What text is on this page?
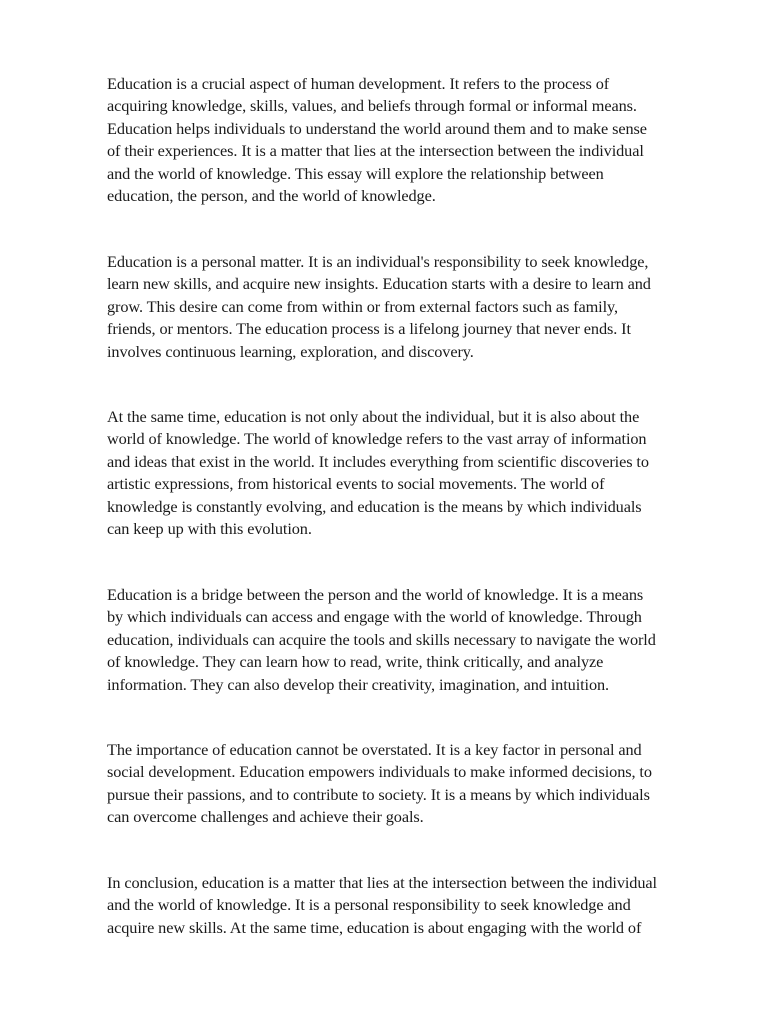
Education is a crucial aspect of human development. It refers to the process of
acquiring knowledge, skills, values, and beliefs through formal or informal means.
Education helps individuals to understand the world around them and to make sense
of their experiences. It is a matter that lies at the intersection between the individual
and the world of knowledge. This essay will explore the relationship between
education, the person, and the world of knowledge.

Education is a personal matter. It is an individual's responsibility to seek knowledge,
learn new skills, and acquire new insights. Education starts with a desire to learn and
grow. This desire can come from within or from external factors such as family,
friends, or mentors. The education process is a lifelong journey that never ends. It
involves continuous learning, exploration, and discovery.

At the same time, education is not only about the individual, but it is also about the
world of knowledge. The world of knowledge refers to the vast array of information
and ideas that exist in the world. It includes everything from scientific discoveries to
artistic expressions, from historical events to social movements. The world of
knowledge is constantly evolving, and education is the means by which individuals
can keep up with this evolution.

Education is a bridge between the person and the world of knowledge. It is a means
by which individuals can access and engage with the world of knowledge. Through
education, individuals can acquire the tools and skills necessary to navigate the world
of knowledge. They can learn how to read, write, think critically, and analyze
information. They can also develop their creativity, imagination, and intuition.

The importance of education cannot be overstated. It is a key factor in personal and
social development. Education empowers individuals to make informed decisions, to
pursue their passions, and to contribute to society. It is a means by which individuals
can overcome challenges and achieve their goals.

In conclusion, education is a matter that lies at the intersection between the individual
and the world of knowledge. It is a personal responsibility to seek knowledge and
acquire new skills. At the same time, education is about engaging with the world of
